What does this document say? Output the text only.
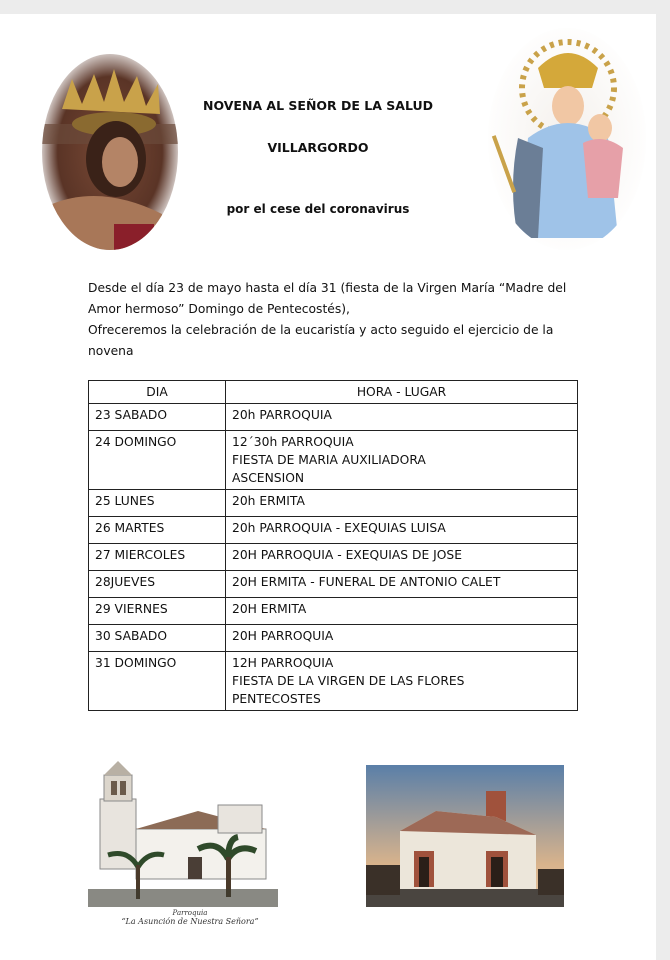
NOVENA AL SEÑOR DE LA SALUD
VILLARGORDO
por el cese del coronavirus

Desde el día 23 de mayo hasta el día 31 (fiesta de la Virgen María “Madre del Amor hermoso” Domingo de Pentecostés),

Ofreceremos la celebración de la eucaristía y acto seguido el ejercicio de la novena

DIA	HORA - LUGAR
23 SABADO	20h PARROQUIA

24 DOMINGO	12´30h PARROQUIA
FIESTA DE MARIA AUXILIADORA
ASCENSION

25 LUNES	20h ERMITA

26 MARTES	20h PARROQUIA - EXEQUIAS LUISA

27 MIERCOLES	20H PARROQUIA - EXEQUIAS DE JOSE

28JUEVES	20H ERMITA - FUNERAL DE ANTONIO CALET

29 VIERNES	20H ERMITA

30 SABADO	20H PARROQUIA

31 DOMINGO	12H PARROQUIA
FIESTA DE LA VIRGEN DE LAS FLORES
PENTECOSTES
Parroquia
“La Asunción de Nuestra Señora”
